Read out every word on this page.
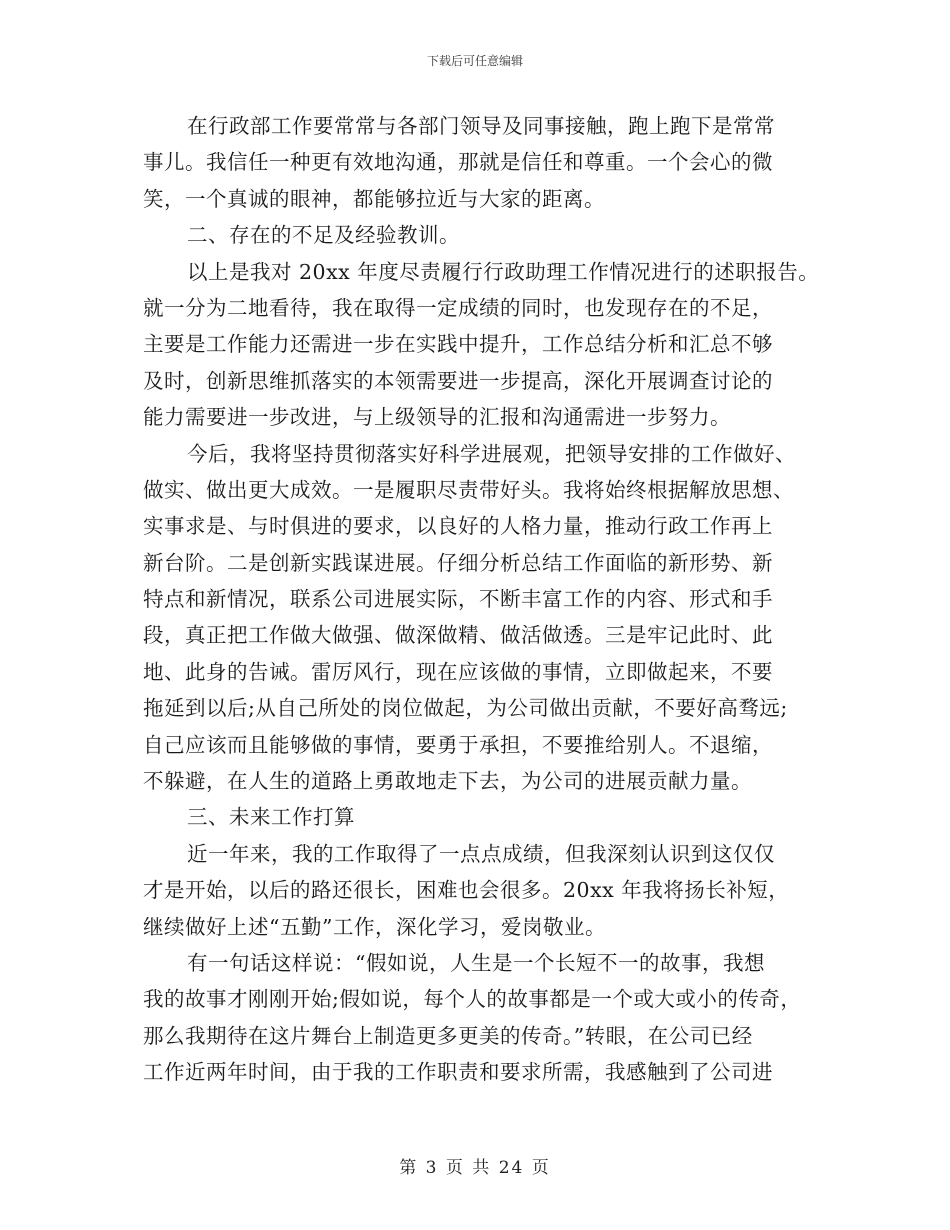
下载后可任意编辑
在行政部工作要常常与各部门领导及同事接触，跑上跑下是常常
事儿。我信任一种更有效地沟通，那就是信任和尊重。一个会心的微
笑，一个真诚的眼神，都能够拉近与大家的距离。
二、存在的不足及经验教训。
以上是我对 20xx 年度尽责履行行政助理工作情况进行的述职报告。
就一分为二地看待，我在取得一定成绩的同时，也发现存在的不足，
主要是工作能力还需进一步在实践中提升，工作总结分析和汇总不够
及时，创新思维抓落实的本领需要进一步提高，深化开展调查讨论的
能力需要进一步改进，与上级领导的汇报和沟通需进一步努力。
今后，我将坚持贯彻落实好科学进展观，把领导安排的工作做好、
做实、做出更大成效。一是履职尽责带好头。我将始终根据解放思想、
实事求是、与时俱进的要求，以良好的人格力量，推动行政工作再上
新台阶。二是创新实践谋进展。仔细分析总结工作面临的新形势、新
特点和新情况，联系公司进展实际，不断丰富工作的内容、形式和手
段，真正把工作做大做强、做深做精、做活做透。三是牢记此时、此
地、此身的告诫。雷厉风行，现在应该做的事情，立即做起来，不要
拖延到以后;从自己所处的岗位做起，为公司做出贡献，不要好高骛远;
自己应该而且能够做的事情，要勇于承担，不要推给别人。不退缩，
不躲避，在人生的道路上勇敢地走下去，为公司的进展贡献力量。
三、未来工作打算
近一年来，我的工作取得了一点点成绩，但我深刻认识到这仅仅
才是开始，以后的路还很长，困难也会很多。20xx 年我将扬长补短，
继续做好上述“五勤”工作，深化学习，爱岗敬业。
有一句话这样说：“假如说，人生是一个长短不一的故事，我想
我的故事才刚刚开始;假如说，每个人的故事都是一个或大或小的传奇，
那么我期待在这片舞台上制造更多更美的传奇。”转眼，在公司已经
工作近两年时间，由于我的工作职责和要求所需，我感触到了公司进
第 3 页 共 24 页
